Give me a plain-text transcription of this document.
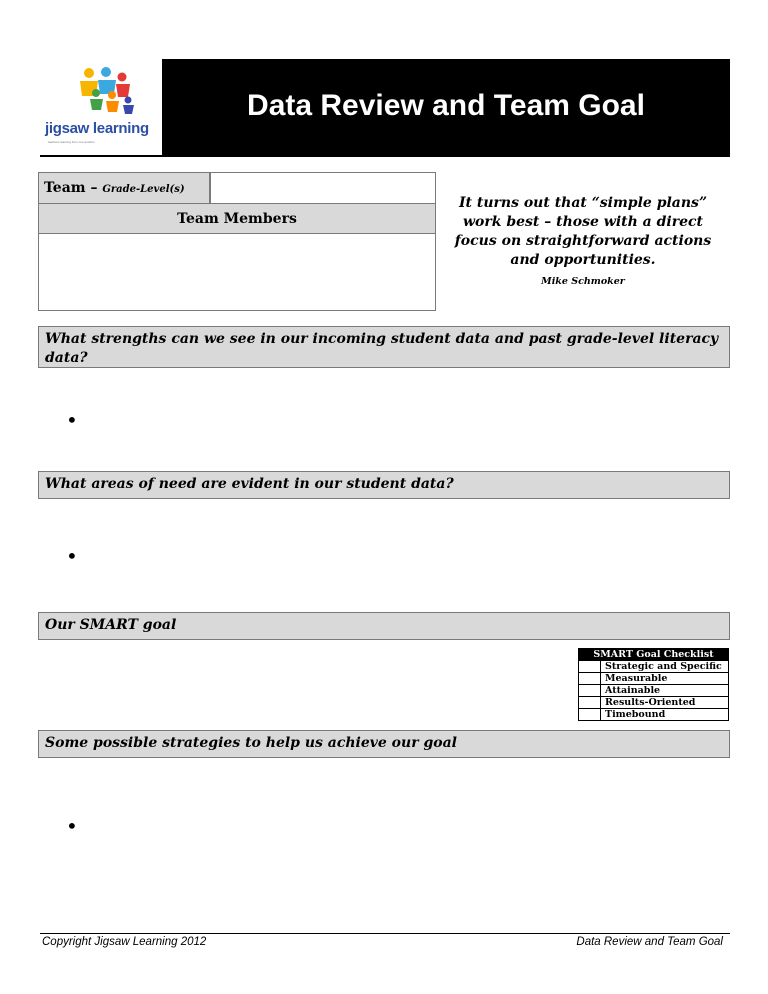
jigsaw learning
teachers learning from one another
Data Review and Team Goal
Team – Grade-Level(s)
Team Members
It turns out that “simple plans” work best – those with a direct focus on straightforward actions and opportunities.
Mike Schmoker
What strengths can we see in our incoming student data and past grade-level literacy data?
•
What areas of need are evident in our student data?
•
Our SMART goal
SMART Goal Checklist
Strategic and Specific
Measurable
Attainable
Results-Oriented
Timebound
Some possible strategies to help us achieve our goal
•
Copyright Jigsaw Learning 2012	Data Review and Team Goal
